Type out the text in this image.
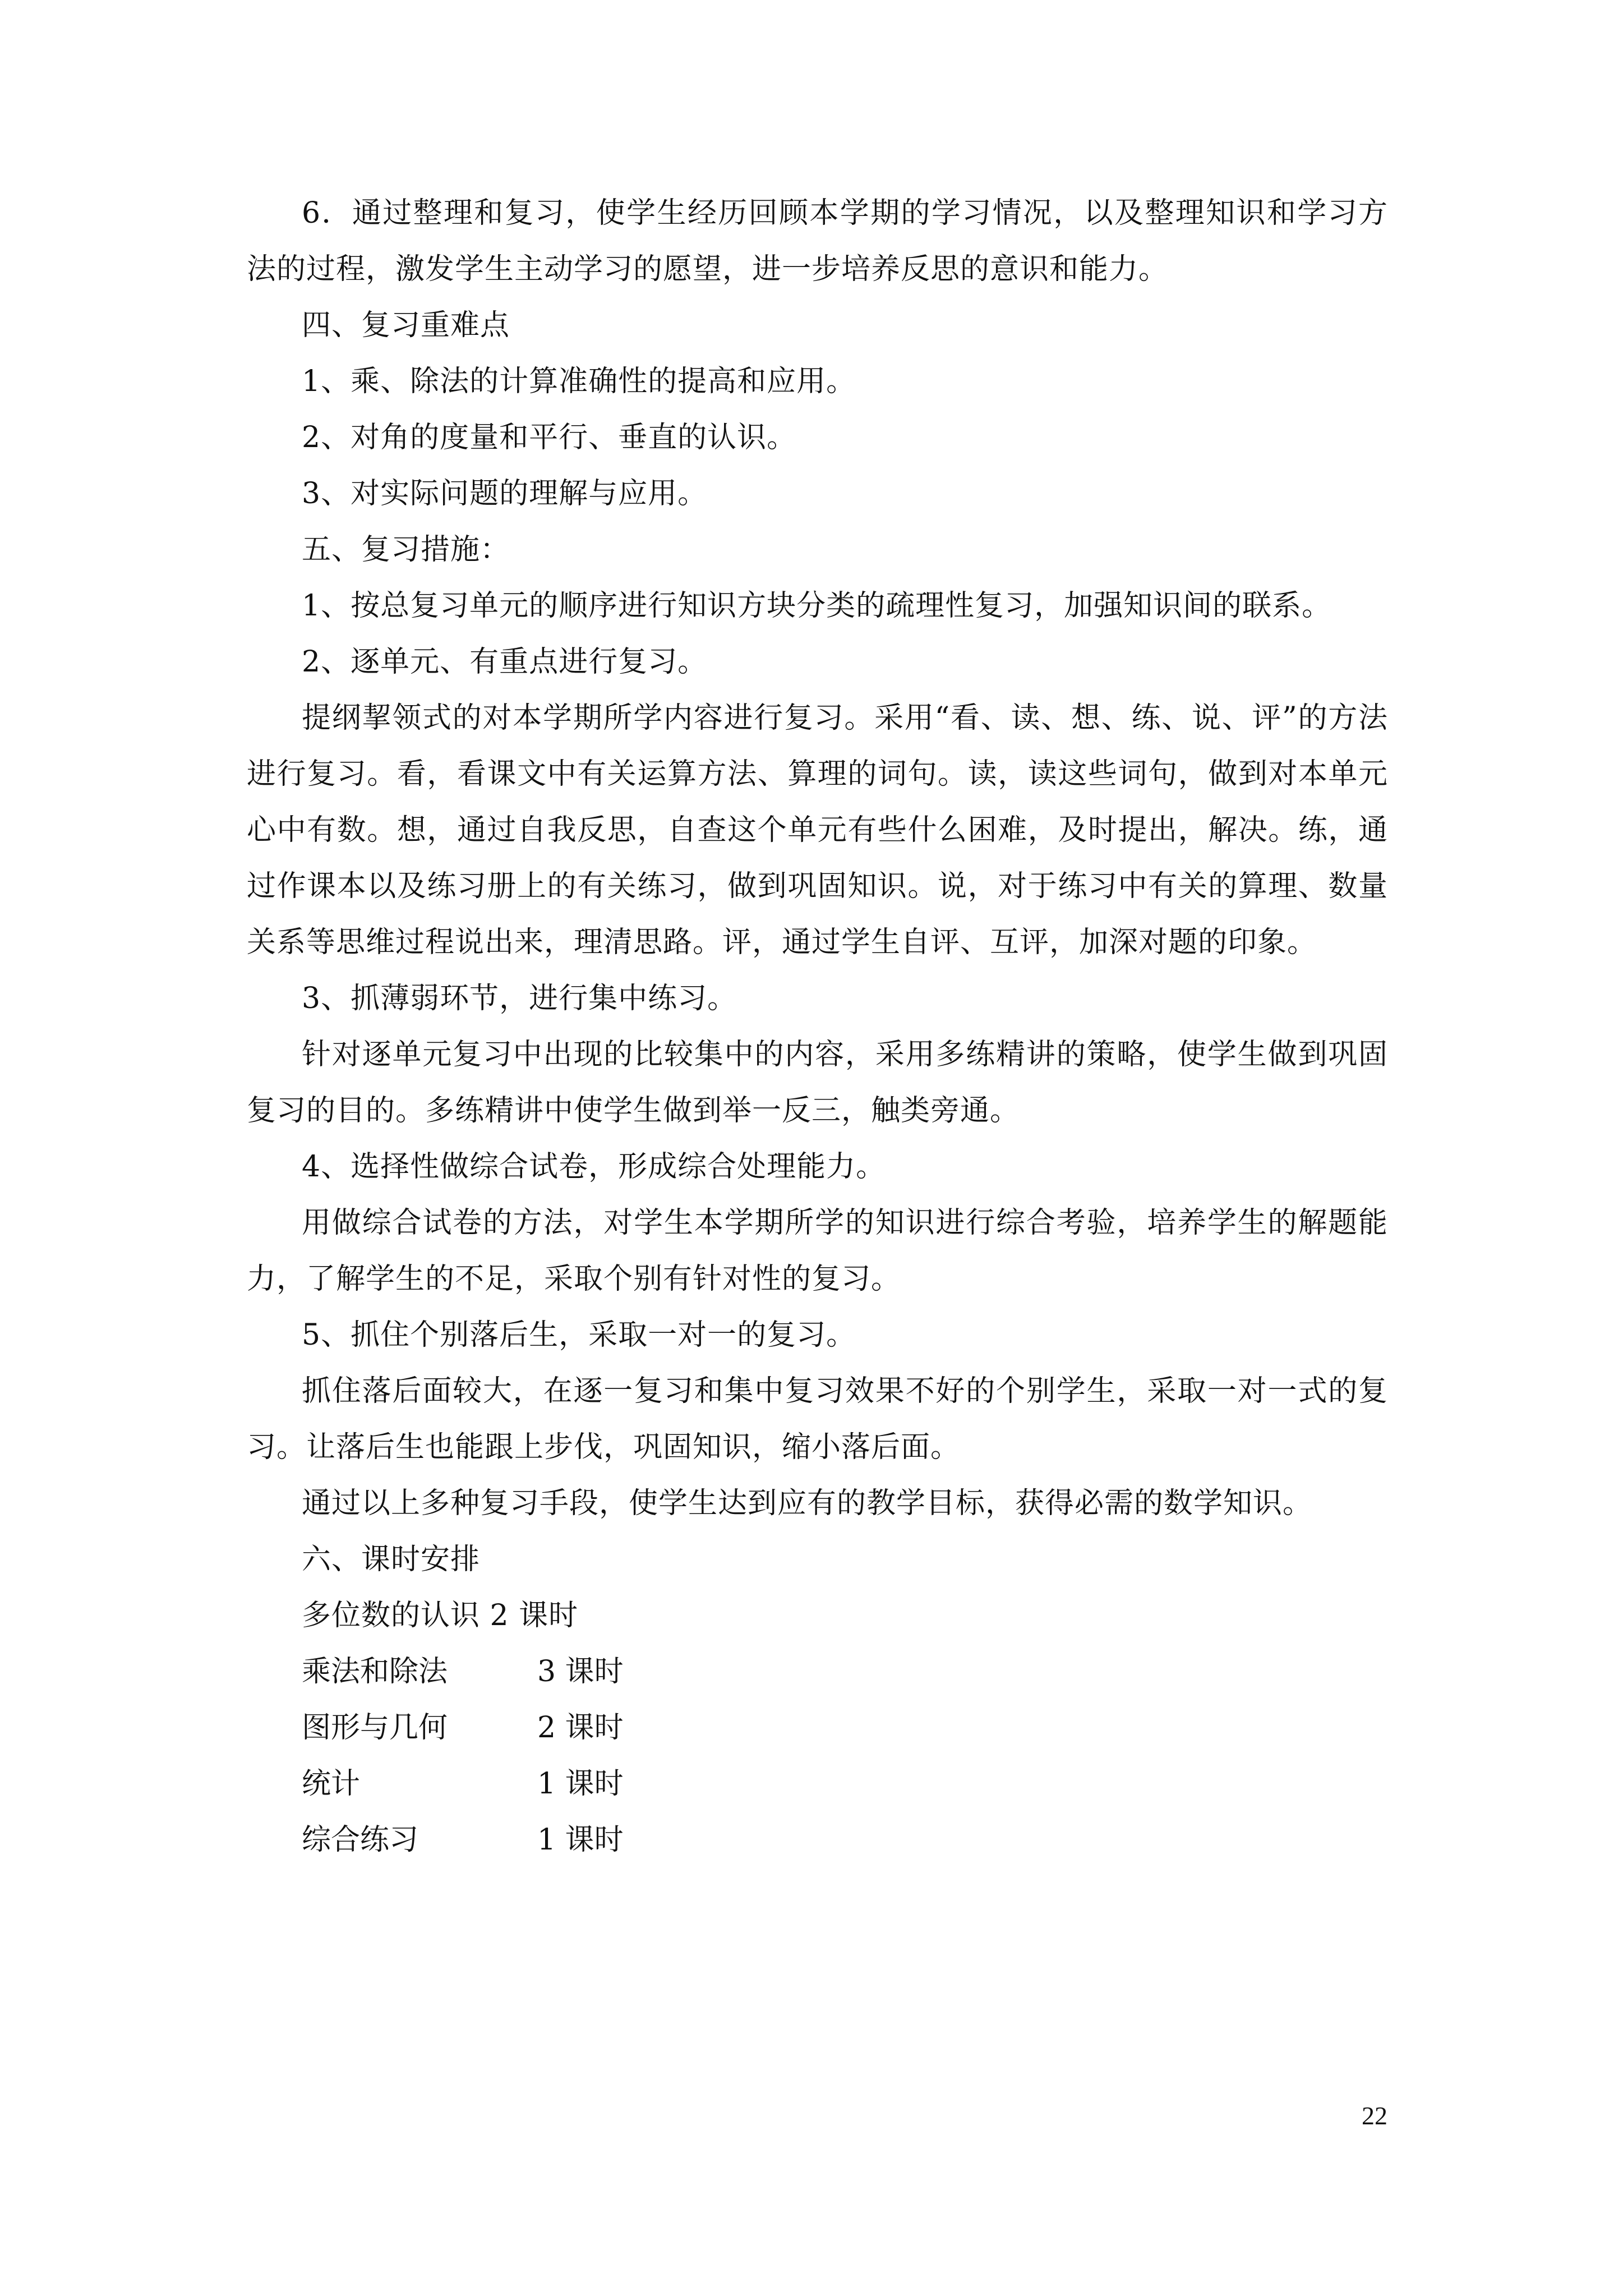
6．通过整理和复习，使学生经历回顾本学期的学习情况，以及整理知识和学习方法的过程，激发学生主动学习的愿望，进一步培养反思的意识和能力。

四、复习重难点

1、乘、除法的计算准确性的提高和应用。

2、对角的度量和平行、垂直的认识。

3、对实际问题的理解与应用。

五、复习措施：

1、按总复习单元的顺序进行知识方块分类的疏理性复习，加强知识间的联系。

2、逐单元、有重点进行复习。

提纲挈领式的对本学期所学内容进行复习。采用“看、读、想、练、说、评”的方法进行复习。看，看课文中有关运算方法、算理的词句。读，读这些词句，做到对本单元心中有数。想，通过自我反思，自查这个单元有些什么困难，及时提出，解决。练，通过作课本以及练习册上的有关练习，做到巩固知识。说，对于练习中有关的算理、数量关系等思维过程说出来，理清思路。评，通过学生自评、互评，加深对题的印象。

3、抓薄弱环节，进行集中练习。

针对逐单元复习中出现的比较集中的内容，采用多练精讲的策略，使学生做到巩固复习的目的。多练精讲中使学生做到举一反三，触类旁通。

4、选择性做综合试卷，形成综合处理能力。

用做综合试卷的方法，对学生本学期所学的知识进行综合考验，培养学生的解题能力，了解学生的不足，采取个别有针对性的复习。

5、抓住个别落后生，采取一对一的复习。

抓住落后面较大，在逐一复习和集中复习效果不好的个别学生，采取一对一式的复习。让落后生也能跟上步伐，巩固知识，缩小落后面。

通过以上多种复习手段，使学生达到应有的教学目标，获得必需的数学知识。

六、课时安排

多位数的认识 2 课时

乘法和除法	3 课时
图形与几何	2 课时
统计	1 课时
综合练习	1 课时
22
